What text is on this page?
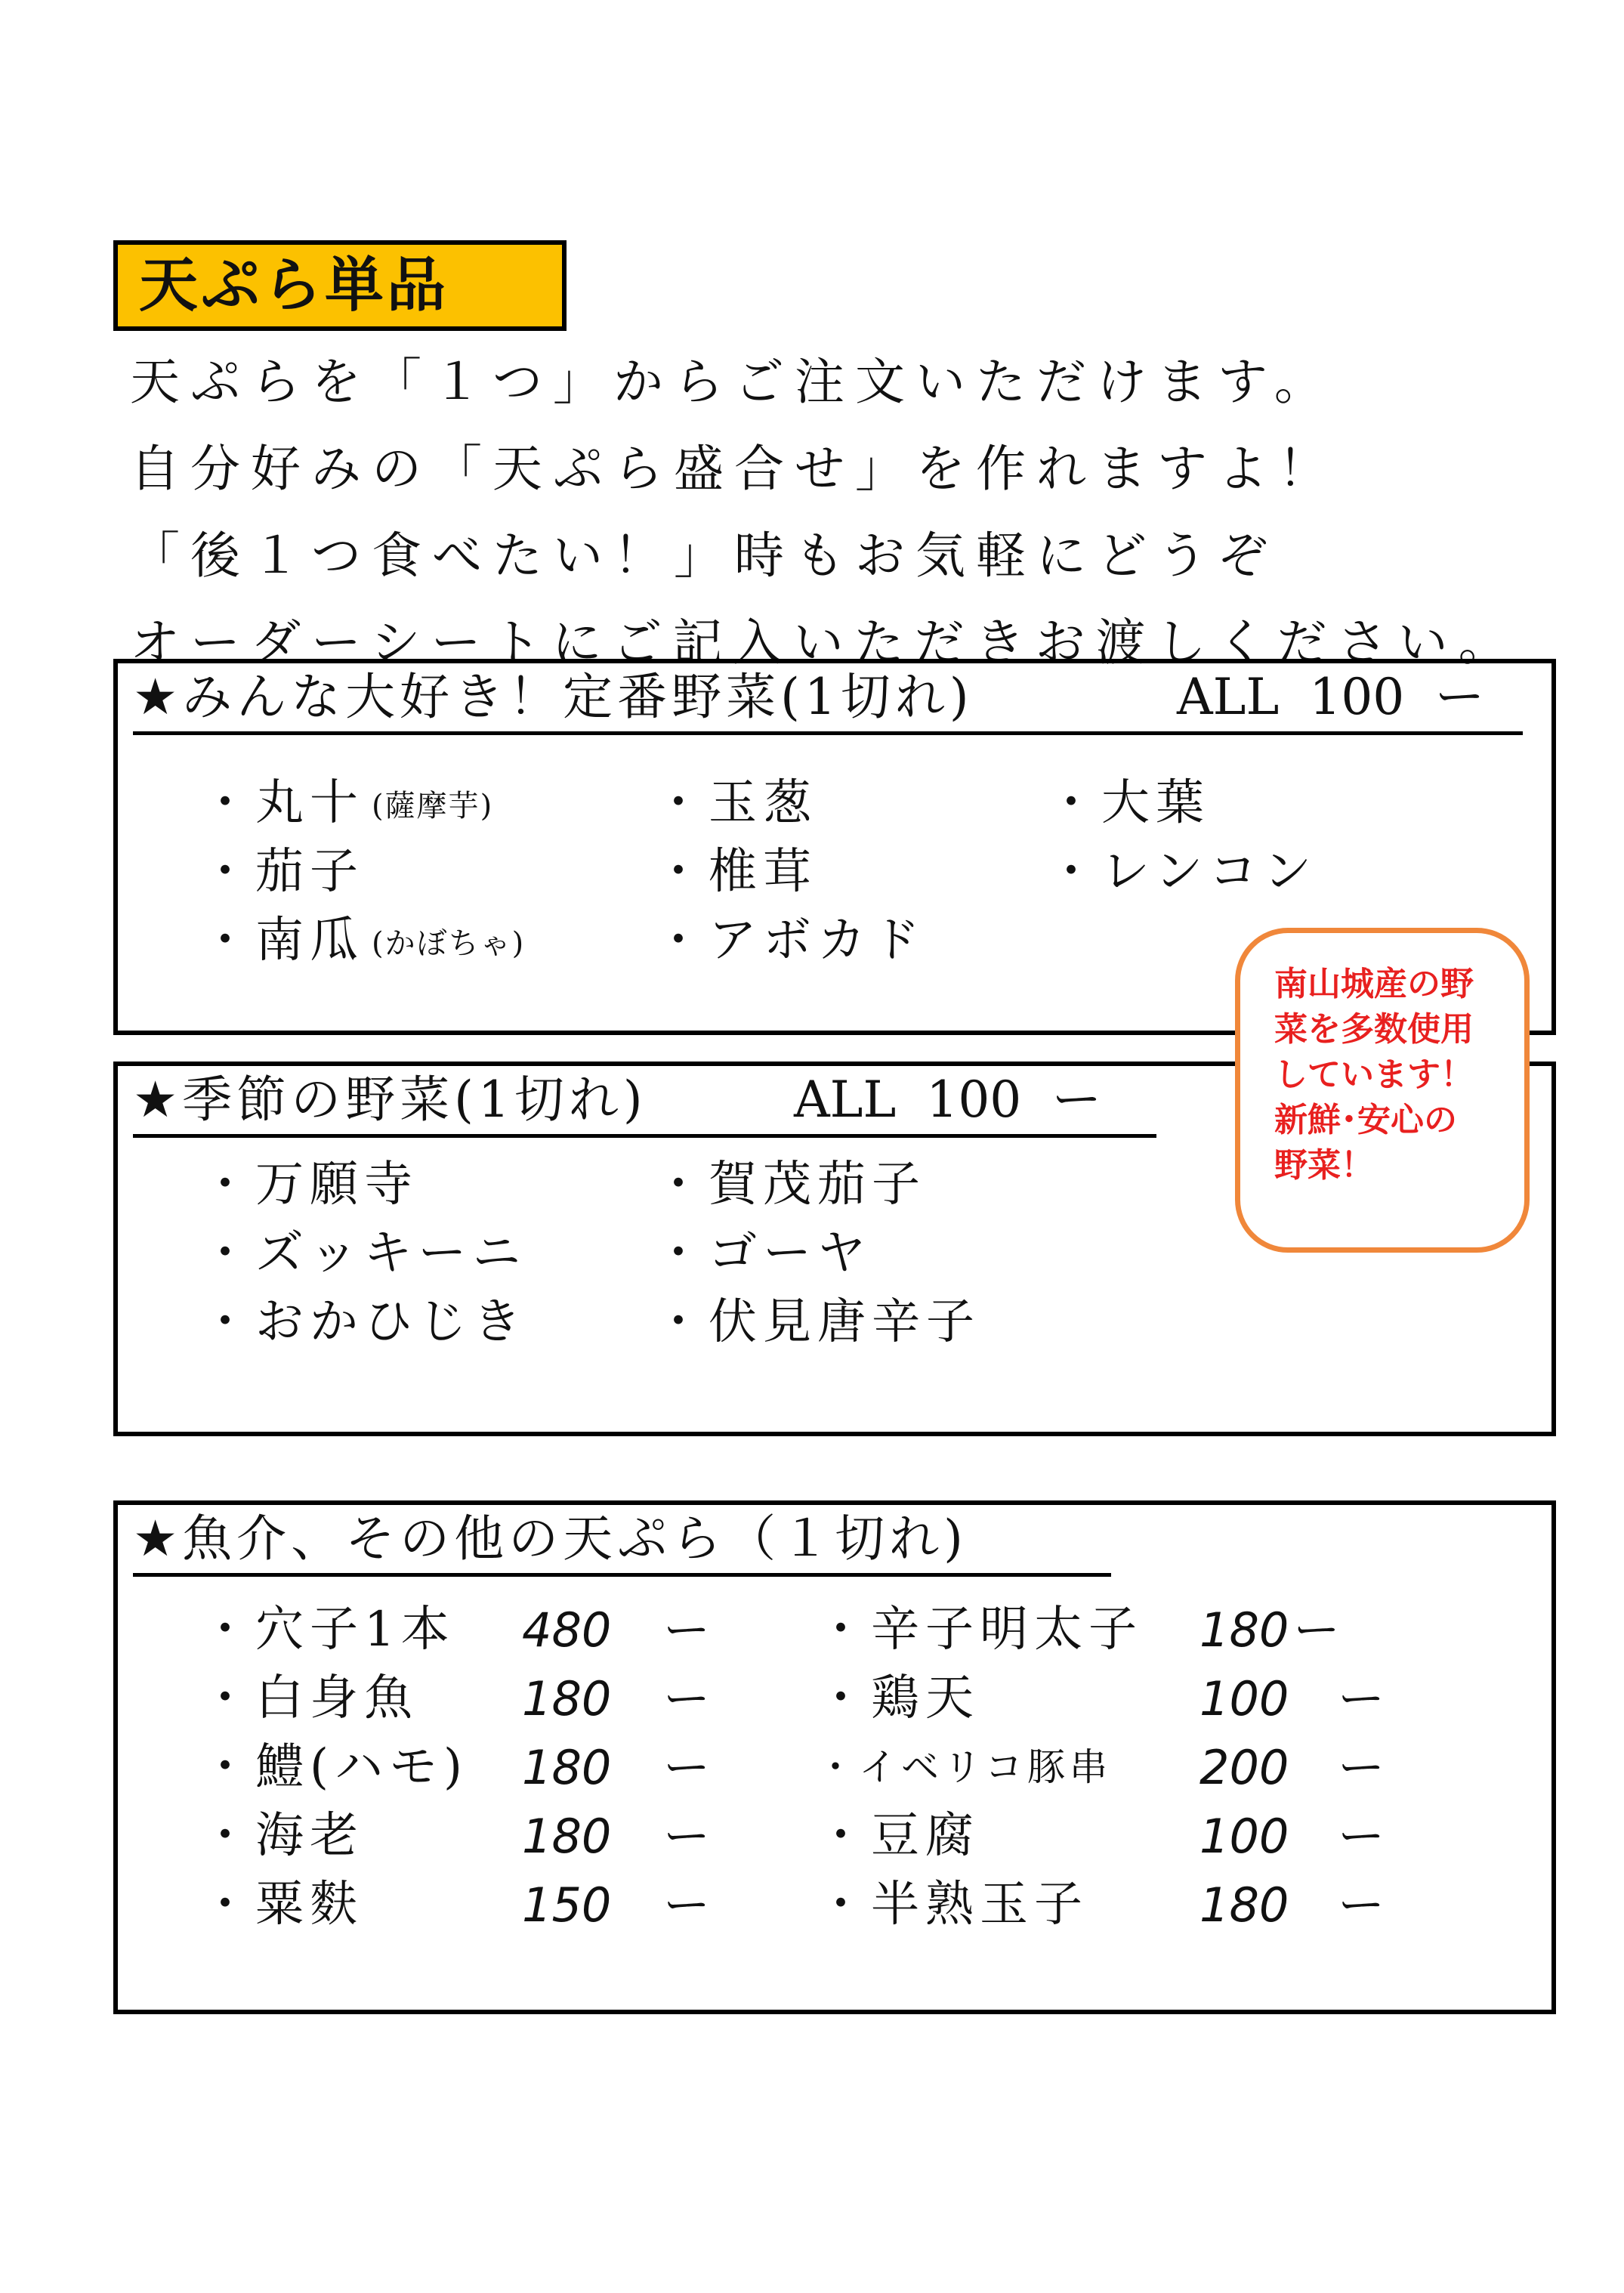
天ぷら単品
天ぷらを「１つ」からご注文いただけます。
自分好みの「天ぷら盛合せ」を作れますよ！
「後１つ食べたい！」時もお気軽にどうぞ
オーダーシートにご記入いただきお渡しください。
★みんな大好き！定番野菜(1切れ)	ALL 100 ー
・丸十 (薩摩芋)
・茄子
・南瓜 (かぼちゃ)
・玉葱
・椎茸
・アボカド
・大葉
・レンコン
★季節の野菜(1切れ)	ALL 100 ー
・万願寺
・ズッキーニ
・おかひじき
・賀茂茄子
・ゴーヤ
・伏見唐辛子
南山城産の野
菜を多数使用
しています！
新鮮･安心の
野菜！
★魚介、その他の天ぷら（１切れ)
・穴子1本
・白身魚
・鱧(ハモ)
・海老
・粟麩
480
180
180
180
150
ー
ー
ー
ー
ー
・辛子明太子
・鶏天
・イベリコ豚串
・豆腐
・半熟玉子
180ー
100
200
100
180
ー
ー
ー
ー
